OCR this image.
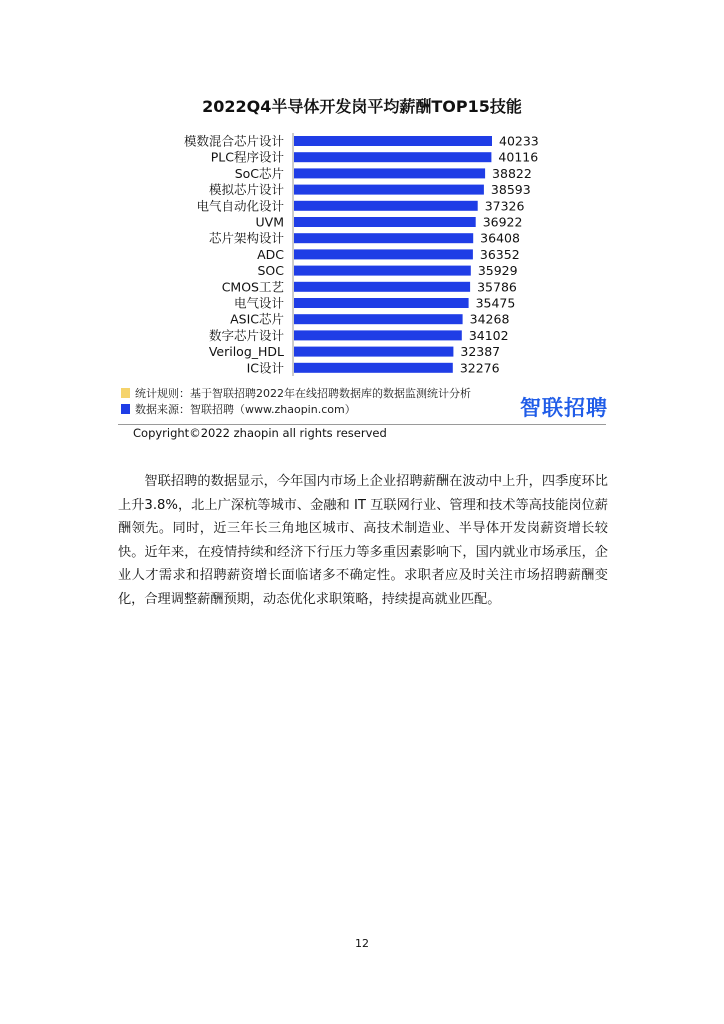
2022Q4半导体开发岗平均薪酬TOP15技能
模数混合芯片设计	40233
PLC程序设计	40116
SoC芯片	38822
模拟芯片设计	38593
电气自动化设计	37326
UVM	36922
芯片架构设计	36408
ADC	36352
SOC	35929
CMOS工艺	35786
电气设计	35475
ASIC芯片	34268
数字芯片设计	34102
Verilog_HDL	32387
IC设计	32276
统计规则：基于智联招聘2022年在线招聘数据库的数据监测统计分析
数据来源：智联招聘（www.zhaopin.com）	智联招聘
Copyright©2022 zhaopin all rights reserved

智联招聘的数据显示，今年国内市场上企业招聘薪酬在波动中上升，四季度环比上升3.8%，北上广深杭等城市、金融和 IT 互联网行业、管理和技术等高技能岗位薪酬领先。同时，近三年长三角地区城市、高技术制造业、半导体开发岗薪资增长较快。近年来，在疫情持续和经济下行压力等多重因素影响下，国内就业市场承压，企业人才需求和招聘薪资增长面临诸多不确定性。求职者应及时关注市场招聘薪酬变化，合理调整薪酬预期，动态优化求职策略，持续提高就业匹配。

12
